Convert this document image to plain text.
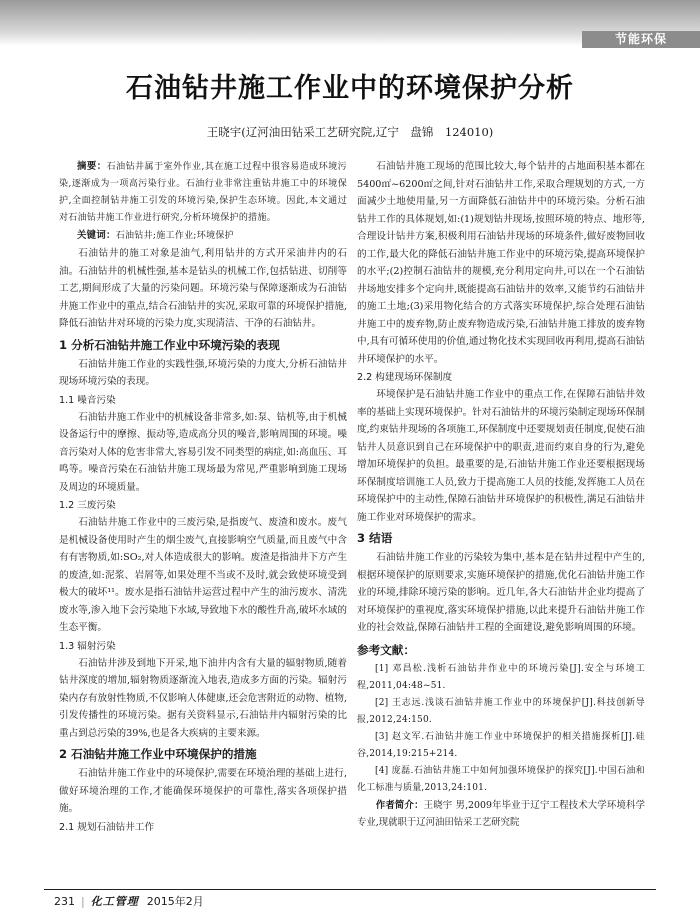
节能环保
石油钻井施工作业中的环境保护分析
王晓宇(辽河油田钻采工艺研究院,辽宁　盘锦　124010)

摘要：石油钻井属于室外作业,其在施工过程中很容易造成环境污染,逐渐成为一项高污染行业。石油行业非常注重钻井施工中的环境保护,全面控制钻井施工引发的环境污染,保护生态环境。因此,本文通过对石油钻井施工作业进行研究,分析环境保护的措施。

关键词：石油钻井;施工作业;环境保护

石油钻井的施工对象是油气,利用钻井的方式开采油井内的石油。石油钻井的机械性强,基本是钻头的机械工作,包括钻进、切削等工艺,期间形成了大量的污染问题。环境污染与保障逐渐成为石油钻井施工作业中的重点,结合石油钻井的实况,采取可靠的环境保护措施,降低石油钻井对环境的污染力度,实现清洁、干净的石油钻井。

1 分析石油钻井施工作业中环境污染的表现

石油钻井施工作业的实践性强,环境污染的力度大,分析石油钻井现场环境污染的表现。

1.1 噪音污染

石油钻井施工作业中的机械设备非常多,如:泵、钻机等,由于机械设备运行中的摩擦、振动等,造成高分贝的噪音,影响周围的环境。噪音污染对人体的危害非常大,容易引发不同类型的病症,如:高血压、耳鸣等。噪音污染在石油钻井施工现场最为常见,严重影响到施工现场及周边的环境质量。

1.2 三废污染

石油钻井施工作业中的三废污染,是指废气、废渣和废水。废气是机械设备使用时产生的烟尘废气,直接影响空气质量,而且废气中含有有害物质,如:SO₂,对人体造成很大的影响。废渣是指油井下方产生的废渣,如:泥浆、岩屑等,如果处理不当或不及时,就会致使环境受到极大的破坏¹¹。废水是指石油钻井运营过程中产生的油污废水、清洗废水等,渗入地下会污染地下水域,导致地下水的酸性升高,破坏水域的生态平衡。

1.3 辐射污染

石油钻井涉及到地下开采,地下油井内含有大量的辐射物质,随着钻井深度的增加,辐射物质逐渐流入地表,造成多方面的污染。辐射污染内存有放射性物质,不仅影响人体健康,还会危害附近的动物、植物,引发传播性的环境污染。据有关资料显示,石油钻井内辐射污染的比重占到总污染的39%,也是各大疾病的主要来源。

2 石油钻井施工作业中环境保护的措施

石油钻井施工作业中的环境保护,需要在环境治理的基础上进行,做好环境治理的工作,才能确保环境保护的可靠性,落实各项保护措施。

2.1 规划石油钻井工作

石油钻井施工现场的范围比较大,每个钻井的占地面积基本都在5400㎡~6200㎡之间,针对石油钻井工作,采取合理规划的方式,一方面减少土地使用量,另一方面降低石油钻井中的环境污染。分析石油钻井工作的具体规划,如:(1)规划钻井现场,按照环境的特点、地形等,合理设计钻井方案,积极利用石油钻井现场的环境条件,做好废物回收的工作,最大化的降低石油钻井施工作业中的环境污染,提高环境保护的水平;(2)控制石油钻井的规模,充分利用定向井,可以在一个石油钻井场地安排多个定向井,既能提高石油钻井的效率,又能节约石油钻井的施工土地;(3)采用物化结合的方式落实环境保护,综合处理石油钻井施工中的废弃物,防止废弃物造成污染,石油钻井施工排放的废弃物中,具有可循环使用的价值,通过物化技术实现回收再利用,提高石油钻井环境保护的水平。

2.2 构建现场环保制度

环境保护是石油钻井施工作业中的重点工作,在保障石油钻井效率的基础上实现环境保护。针对石油钻井的环境污染制定现场环保制度,约束钻井现场的各项施工,环保制度中还要规划责任制度,促使石油钻井人员意识到自己在环境保护中的职责,进而约束自身的行为,避免增加环境保护的负担。最重要的是,石油钻井施工作业还要根据现场环保制度培训施工人员,致力于提高施工人员的技能,发挥施工人员在环境保护中的主动性,保障石油钻井环境保护的积极性,满足石油钻井施工作业对环境保护的需求。

3 结语

石油钻井施工作业的污染较为集中,基本是在钻井过程中产生的,根据环境保护的原则要求,实施环境保护的措施,优化石油钻井施工作业的环境,排除环境污染的影响。近几年,各大石油钻井企业均提高了对环境保护的重视度,落实环境保护措施,以此来提升石油钻井施工作业的社会效益,保障石油钻井工程的全面建设,避免影响周围的环境。

参考文献：

[1] 邓昌松.浅析石油钻井作业中的环境污染[J].安全与环境工程,2011,04:48~51.

[2] 王志远.浅谈石油钻井施工作业中的环境保护[J].科技创新导报,2012,24:150.

[3] 赵文军.石油钻井施工作业中环境保护的相关措施探析[J].硅谷,2014,19:215+214.

[4] 庞磊.石油钻井施工中如何加强环境保护的探究[J].中国石油和化工标准与质量,2013,24:101.

作者简介：王晓宇 男,2009年毕业于辽宁工程技术大学环境科学专业,现就职于辽河油田钻采工艺研究院

231 | 化工管理 2015年2月
